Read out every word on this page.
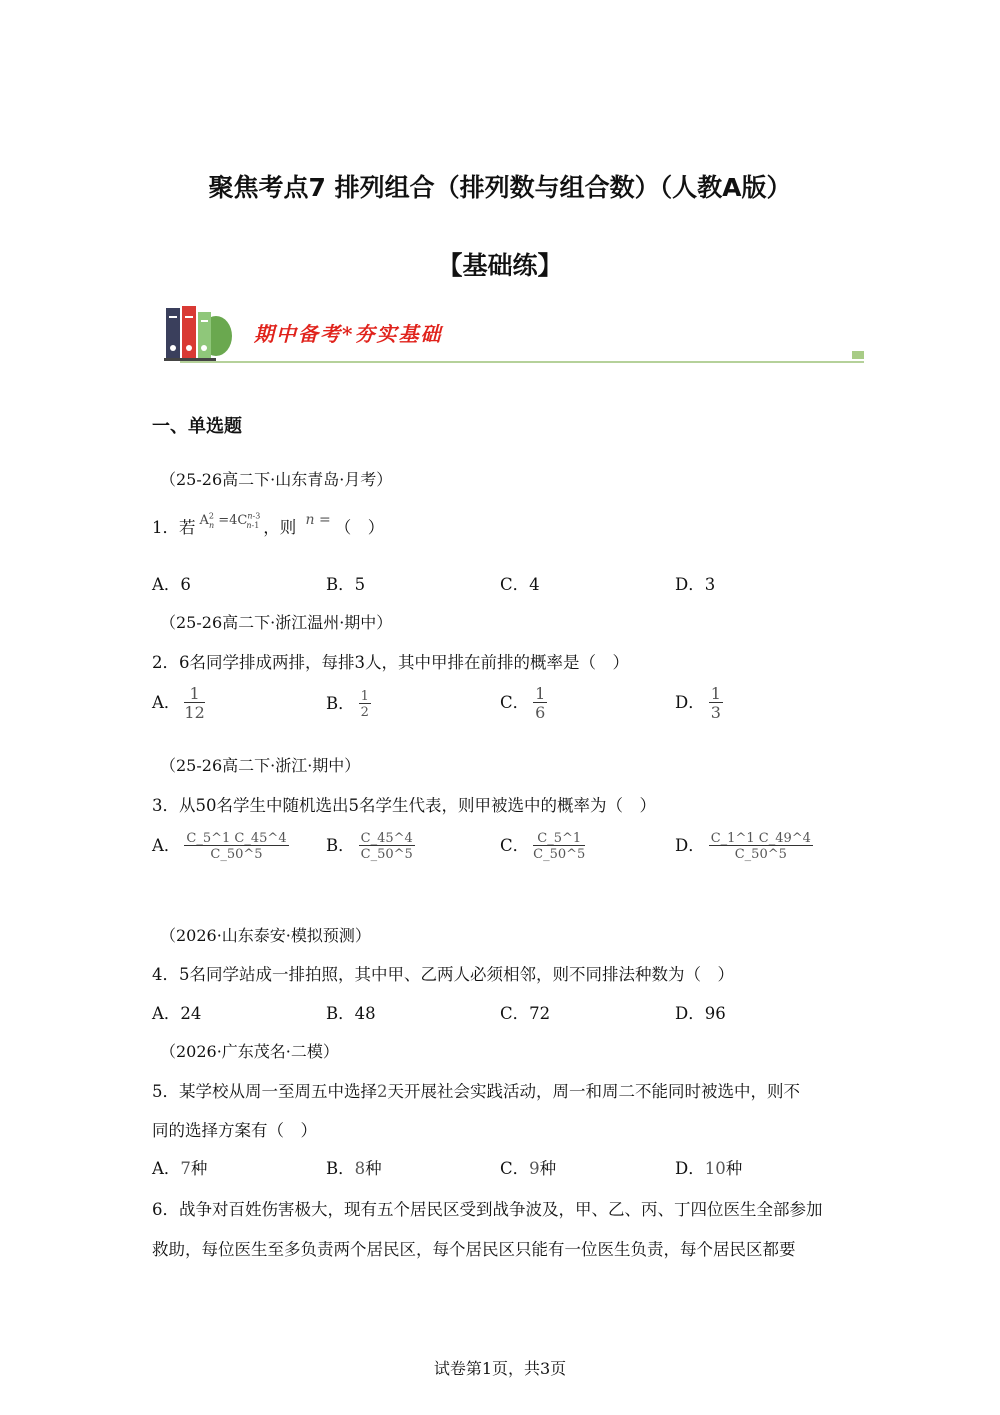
聚焦考点7 排列组合（排列数与组合数）（人教A版）
【基础练】
期中备考*夯实基础
一、单选题
（25-26高二下·山东青岛·月考）
1．若 $^{A^2_n =4C^{n-3}_{n-1}}$ ，则 $^{n =}$ （　）
A．6	B．5	C．4	D．3
（25-26高二下·浙江温州·期中）
2．6名同学排成两排，每排3人，其中甲排在前排的概率是（　）
A． $\frac{1}{12}$	B． $\frac{1}{2}$	C． $\frac{1}{6}$	D． $\frac{1}{3}$
（25-26高二下·浙江·期中）
3．从50名学生中随机选出5名学生代表，则甲被选中的概率为（　）
A． $\frac{C\_5\^{}1 C\_45\^{}4}{C\_50\^{}5}$ B． $\frac{C\_45\^{}4}{C\_50\^{}5}$	C． $\frac{C\_5\^{}1}{C\_50\^{}5}$	D． $\frac{C\_1\^{}1 C\_49\^{}4}{C\_50\^{}5}$
（2026·山东泰安·模拟预测）
4．5名同学站成一排拍照，其中甲、乙两人必须相邻，则不同排法种数为（　）
A．24	B．48	C．72	D．96
（2026·广东茂名·二模）
5．某学校从周一至周五中选择2天开展社会实践活动，周一和周二不能同时被选中，则不
同的选择方案有（　）
A．7种	B．8种	C．9种	D．10种
6．战争对百姓伤害极大，现有五个居民区受到战争波及，甲、乙、丙、丁四位医生全部参加
救助，每位医生至多负责两个居民区，每个居民区只能有一位医生负责，每个居民区都要
试卷第1页，共3页
